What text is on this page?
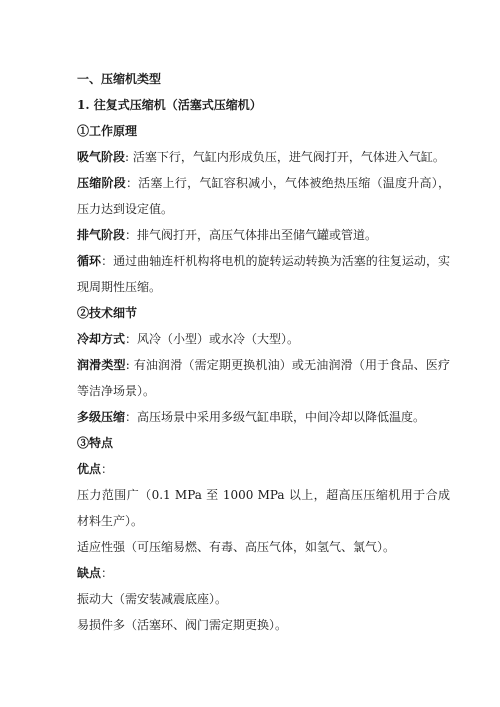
一、压缩机类型

1. 往复式压缩机（活塞式压缩机）

①工作原理

吸气阶段: 活塞下行，气缸内形成负压，进气阀打开，气体进入气缸。

压缩阶段：活塞上行，气缸容积减小，气体被绝热压缩（温度升高），压力达到设定值。

排气阶段：排气阀打开，高压气体排出至储气罐或管道。

循环：通过曲轴连杆机构将电机的旋转运动转换为活塞的往复运动，实现周期性压缩。

②技术细节

冷却方式：风冷（小型）或水冷（大型）。

润滑类型: 有油润滑（需定期更换机油）或无油润滑（用于食品、医疗等洁净场景）。

多级压缩：高压场景中采用多级气缸串联，中间冷却以降低温度。

③特点

优点：

压力范围广（0.1 MPa 至 1000 MPa 以上，超高压压缩机用于合成材料生产）。

适应性强（可压缩易燃、有毒、高压气体，如氢气、氯气）。

缺点：

振动大（需安装减震底座）。

易损件多（活塞环、阀门需定期更换）。
